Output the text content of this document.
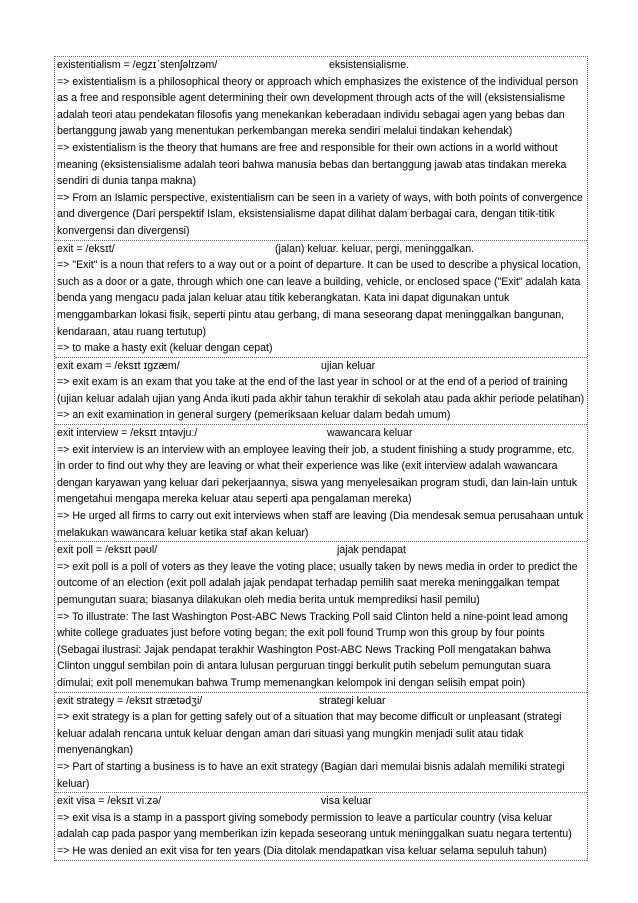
existentialism = /egzɪˈstenʃəlɪzəm/	eksistensialisme.
=> existentialism is a philosophical theory or approach which emphasizes the existence of the individual person as a free and responsible agent determining their own development through acts of the will (eksistensialisme adalah teori atau pendekatan filosofis yang menekankan keberadaan individu sebagai agen yang bebas dan bertanggung jawab yang menentukan perkembangan mereka sendiri melalui tindakan kehendak)
=> existentialism is the theory that humans are free and responsible for their own actions in a world without meaning (eksistensialisme adalah teori bahwa manusia bebas dan bertanggung jawab atas tindakan mereka sendiri di dunia tanpa makna)
=> From an Islamic perspective, existentialism can be seen in a variety of ways, with both points of convergence and divergence (Dari perspektif Islam, eksistensialisme dapat dilihat dalam berbagai cara, dengan titik-titik konvergensi dan divergensi)
exit = /eksɪt/	(jalan) keluar. keluar, pergi, meninggalkan.
=> "Exit" is a noun that refers to a way out or a point of departure. It can be used to describe a physical location, such as a door or a gate, through which one can leave a building, vehicle, or enclosed space ("Exit" adalah kata benda yang mengacu pada jalan keluar atau titik keberangkatan. Kata ini dapat digunakan untuk menggambarkan lokasi fisik, seperti pintu atau gerbang, di mana seseorang dapat meninggalkan bangunan, kendaraan, atau ruang tertutup)
=> to make a hasty exit (keluar dengan cepat)
exit exam = /eksɪt ɪɡzæm/	ujian keluar
=> exit exam is an exam that you take at the end of the last year in school or at the end of a period of training (ujian keluar adalah ujian yang Anda ikuti pada akhir tahun terakhir di sekolah atau pada akhir periode pelatihan)
=> an exit examination in general surgery (pemeriksaan keluar dalam bedah umum)
exit interview = /eksɪt ɪntəvjuː/	wawancara keluar
=> exit interview is an interview with an employee leaving their job, a student finishing a study programme, etc. in order to find out why they are leaving or what their experience was like (exit interview adalah wawancara dengan karyawan yang keluar dari pekerjaannya, siswa yang menyelesaikan program studi, dan lain-lain untuk mengetahui mengapa mereka keluar atau seperti apa pengalaman mereka)
=> He urged all firms to carry out exit interviews when staff are leaving (Dia mendesak semua perusahaan untuk melakukan wawancara keluar ketika staf akan keluar)
exit poll = /eksɪt pəʊl/	jajak pendapat
=> exit poll is a poll of voters as they leave the voting place; usually taken by news media in order to predict the outcome of an election (exit poll adalah jajak pendapat terhadap pemilih saat mereka meninggalkan tempat pemungutan suara; biasanya dilakukan oleh media berita untuk memprediksi hasil pemilu)
=> To illustrate: The last Washington Post-ABC News Tracking Poll said Clinton held a nine-point lead among white college graduates just before voting began; the exit poll found Trump won this group by four points (Sebagai ilustrasi: Jajak pendapat terakhir Washington Post-ABC News Tracking Poll mengatakan bahwa Clinton unggul sembilan poin di antara lulusan perguruan tinggi berkulit putih sebelum pemungutan suara dimulai; exit poll menemukan bahwa Trump memenangkan kelompok ini dengan selisih empat poin)
exit strategy = /eksɪt strætədʒi/	strategi keluar
=> exit strategy is a plan for getting safely out of a situation that may become difficult or unpleasant (strategi keluar adalah rencana untuk keluar dengan aman dari situasi yang mungkin menjadi sulit atau tidak menyenangkan)
=> Part of starting a business is to have an exit strategy (Bagian dari memulai bisnis adalah memiliki strategi keluar)
exit visa = /eksɪt viːzə/	visa keluar
=> exit visa is a stamp in a passport giving somebody permission to leave a particular country (visa keluar adalah cap pada paspor yang memberikan izin kepada seseorang untuk meninggalkan suatu negara tertentu)
=> He was denied an exit visa for ten years (Dia ditolak mendapatkan visa keluar selama sepuluh tahun)
